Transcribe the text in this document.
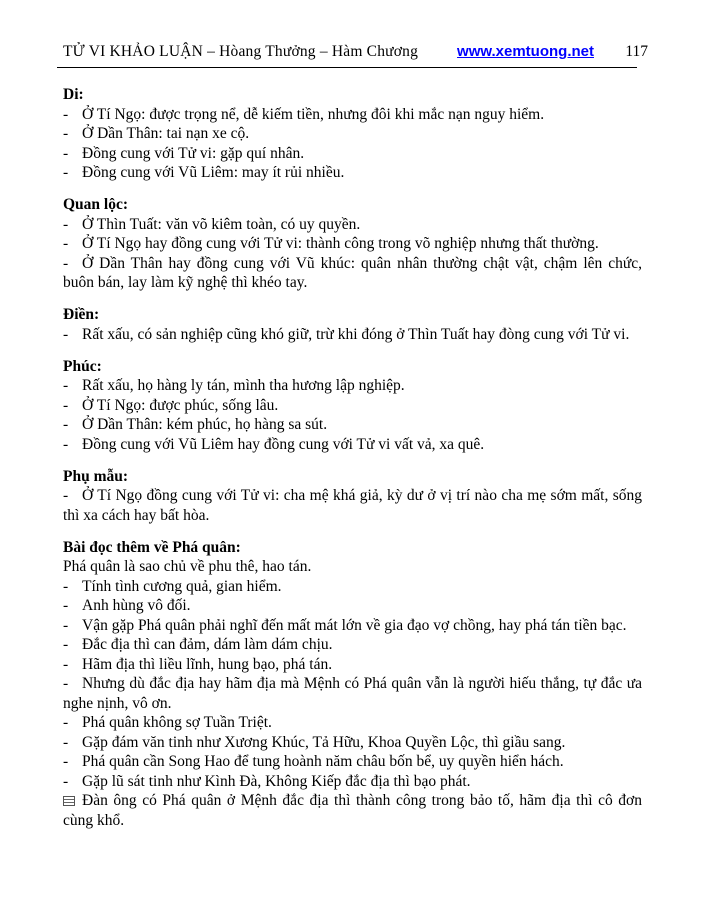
TỬ VI KHẢO LUẬN – Hòang Thưởng – Hàm Chương	www.xemtuong.net	117
Di:

- Ở Tí Ngọ: được trọng nể, dễ kiếm tiền, nhưng đôi khi mắc nạn nguy hiểm.

- Ở Dần Thân: tai nạn xe cộ.

- Đồng cung với Tử vi: gặp quí nhân.

- Đồng cung với Vũ Liêm: may ít rủi nhiều.

Quan lộc:

- Ở Thìn Tuất: văn võ kiêm toàn, có uy quyền.

- Ở Tí Ngọ hay đồng cung với Tử vi: thành công trong võ nghiệp nhưng thất thường.

- Ở Dần Thân hay đồng cung với Vũ khúc: quân nhân thường chật vật, chậm lên chức, buôn bán, lay làm kỹ nghệ thì khéo tay.

Điền:

- Rất xấu, có sản nghiệp cũng khó giữ, trừ khi đóng ở Thìn Tuất hay đòng cung với Tử vi.

Phúc:

- Rất xấu, họ hàng ly tán, mình tha hương lập nghiệp.

- Ở Tí Ngọ: được phúc, sống lâu.

- Ở Dần Thân: kém phúc, họ hàng sa sút.

- Đồng cung với Vũ Liêm hay đồng cung với Tử vi vất vả, xa quê.

Phụ mẫu:

- Ở Tí Ngọ đồng cung với Tử vi: cha mệ khá giả, kỳ dư ở vị trí nào cha mẹ sớm mất, sống thì xa cách hay bất hòa.

Bài đọc thêm về Phá quân:

Phá quân là sao chủ về phu thê, hao tán.

- Tính tình cương quả, gian hiểm.

- Anh hùng vô đối.

- Vận gặp Phá quân phải nghĩ đến mất mát lớn về gia đạo vợ chồng, hay phá tán tiền bạc.

- Đắc địa thì can đảm, dám làm dám chịu.

- Hãm địa thì liều lĩnh, hung bạo, phá tán.

- Nhưng dù đắc địa hay hãm địa mà Mệnh có Phá quân vẫn là người hiếu thắng, tự đắc ưa nghe nịnh, vô ơn.

- Phá quân không sợ Tuần Triệt.

- Gặp đám văn tinh như Xương Khúc, Tả Hữu, Khoa Quyền Lộc, thì giầu sang.

- Phá quân cần Song Hao để tung hoành năm châu bốn bể, uy quyền hiển hách.

- Gặp lũ sát tinh như Kình Đà, Không Kiếp đắc địa thì bạo phát.

Đàn ông có Phá quân ở Mệnh đắc địa thì thành công trong bảo tố, hãm địa thì cô đơn cùng khổ.
